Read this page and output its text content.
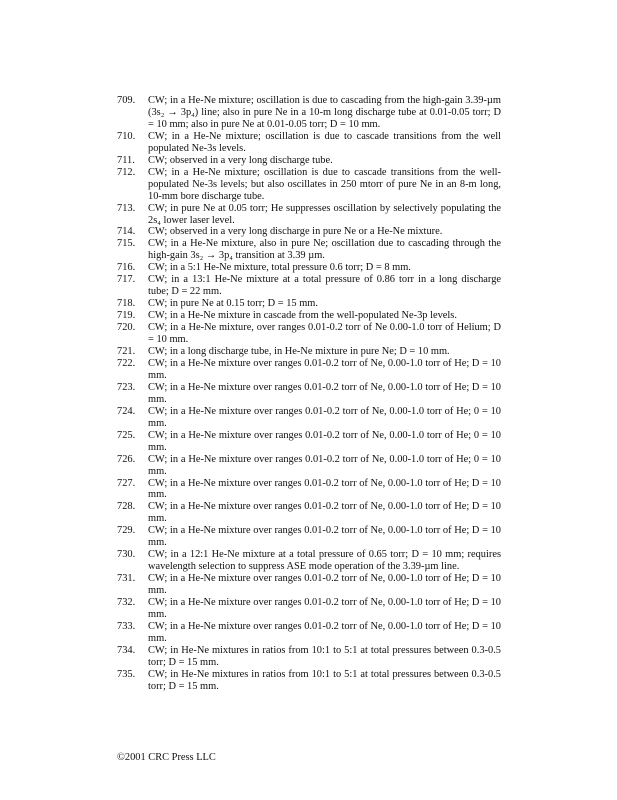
709.	CW; in a He-Ne mixture; oscillation is due to cascading from the high-gain 3.39-µm (3s₂ → 3p₄) line; also in pure Ne in a 10-m long discharge tube at 0.01-0.05 torr; D = 10 mm; also in pure Ne at 0.01-0.05 torr; D = 10 mm.
710.	CW; in a He-Ne mixture; oscillation is due to cascade transitions from the well populated Ne-3s levels.
711.	CW; observed in a very long discharge tube.
712.	CW; in a He-Ne mixture; oscillation is due to cascade transitions from the well-populated Ne-3s levels; but also oscillates in 250 mtorr of pure Ne in an 8-m long, 10-mm bore discharge tube.
713.	CW; in pure Ne at 0.05 torr; He suppresses oscillation by selectively populating the 2s₄ lower laser level.
714.	CW; observed in a very long discharge in pure Ne or a He-Ne mixture.
715.	CW; in a He-Ne mixture, also in pure Ne; oscillation due to cascading through the high-gain 3s₂ → 3p₄ transition at 3.39 µm.
716.	CW; in a 5:1 He-Ne mixture, total pressure 0.6 torr; D = 8 mm.
717.	CW; in a 13:1 He-Ne mixture at a total pressure of 0.86 torr in a long discharge tube; D = 22 mm.
718.	CW; in pure Ne at 0.15 torr; D = 15 mm.
719.	CW; in a He-Ne mixture in cascade from the well-populated Ne-3p levels.
720.	CW; in a He-Ne mixture, over ranges 0.01-0.2 torr of Ne 0.00-1.0 torr of Helium; D = 10 mm.
721.	CW; in a long discharge tube, in He-Ne mixture in pure Ne; D = 10 mm.
722.	CW; in a He-Ne mixture over ranges 0.01-0.2 torr of Ne, 0.00-1.0 torr of He; D = 10 mm.
723.	CW; in a He-Ne mixture over ranges 0.01-0.2 torr of Ne, 0.00-1.0 torr of He; D = 10 mm.
724.	CW; in a He-Ne mixture over ranges 0.01-0.2 torr of Ne, 0.00-1.0 torr of He; 0 = 10 mm.
725.	CW; in a He-Ne mixture over ranges 0.01-0.2 torr of Ne, 0.00-1.0 torr of He; 0 = 10 mm.
726.	CW; in a He-Ne mixture over ranges 0.01-0.2 torr of Ne, 0.00-1.0 torr of He; 0 = 10 mm.
727.	CW; in a He-Ne mixture over ranges 0.01-0.2 torr of Ne, 0.00-1.0 torr of He; D = 10 mm.
728.	CW; in a He-Ne mixture over ranges 0.01-0.2 torr of Ne, 0.00-1.0 torr of He; D = 10 mm.
729.	CW; in a He-Ne mixture over ranges 0.01-0.2 torr of Ne, 0.00-1.0 torr of He; D = 10 mm.
730.	CW; in a 12:1 He-Ne mixture at a total pressure of 0.65 torr; D = 10 mm; requires wavelength selection to suppress ASE mode operation of the 3.39-µm line.
731.	CW; in a He-Ne mixture over ranges 0.01-0.2 torr of Ne, 0.00-1.0 torr of He; D = 10 mm.
732.	CW; in a He-Ne mixture over ranges 0.01-0.2 torr of Ne, 0.00-1.0 torr of He; D = 10 mm.
733.	CW; in a He-Ne mixture over ranges 0.01-0.2 torr of Ne, 0.00-1.0 torr of He; D = 10 mm.
734.	CW; in He-Ne mixtures in ratios from 10:1 to 5:1 at total pressures between 0.3-0.5 torr; D = 15 mm.
735.	CW; in He-Ne mixtures in ratios from 10:1 to 5:1 at total pressures between 0.3-0.5 torr; D = 15 mm.
©2001 CRC Press LLC
